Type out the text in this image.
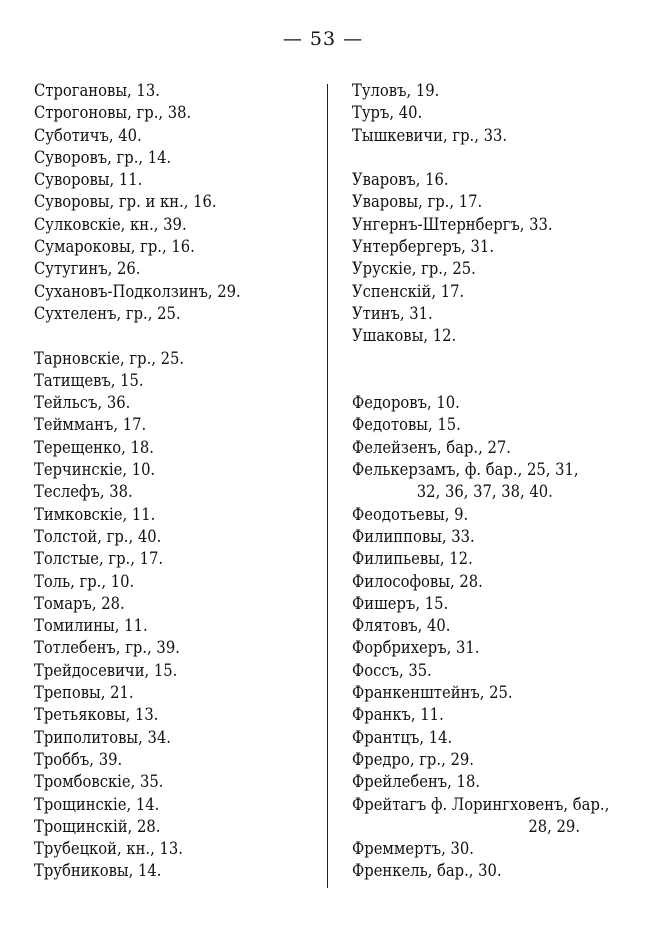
— 53 —
Строгановы, 13.
Строгоновы, гр., 38.
Суботичъ, 40.
Суворовъ, гр., 14.
Суворовы, 11.
Суворовы, гр. и кн., 16.
Сулковскіе, кн., 39.
Сумароковы, гр., 16.
Сутугинъ, 26.
Сухановъ-Подколзинъ, 29.
Сухтеленъ, гр., 25.
Тарновскіе, гр., 25.
Татищевъ, 15.
Тейльсъ, 36.
Теймманъ, 17.
Терещенко, 18.
Терчинскіе, 10.
Теслефъ, 38.
Тимковскіе, 11.
Толстой, гр., 40.
Толстые, гр., 17.
Толь, гр., 10.
Томаръ, 28.
Томилины, 11.
Тотлебенъ, гр., 39.
Трейдосевичи, 15.
Треповы, 21.
Третьяковы, 13.
Триполитовы, 34.
Троббъ, 39.
Тромбовскіе, 35.
Трощинскіе, 14.
Трощинскій, 28.
Трубецкой, кн., 13.
Трубниковы, 14.
Туловъ, 19.
Туръ, 40.
Тышкевичи, гр., 33.
Уваровъ, 16.
Уваровы, гр., 17.
Унгернъ-Штернбергъ, 33.
Унтербергеръ, 31.
Урускіе, гр., 25.
Успенскій, 17.
Утинъ, 31.
Ушаковы, 12.
Федоровъ, 10.
Федотовы, 15.
Фелейзенъ, бар., 27.
Фелькерзамъ, ф. бар., 25, 31,
32, 36, 37, 38, 40.
Феодотьевы, 9.
Филипповы, 33.
Филипьевы, 12.
Философовы, 28.
Фишеръ, 15.
Флятовъ, 40.
Форбрихеръ, 31.
Фоссъ, 35.
Франкенштейнъ, 25.
Франкъ, 11.
Франтцъ, 14.
Фредро, гр., 29.
Фрейлебенъ, 18.
Фрейтагъ ф. Лорингховенъ, бар.,
28, 29.
Фреммертъ, 30.
Френкель, бар., 30.
